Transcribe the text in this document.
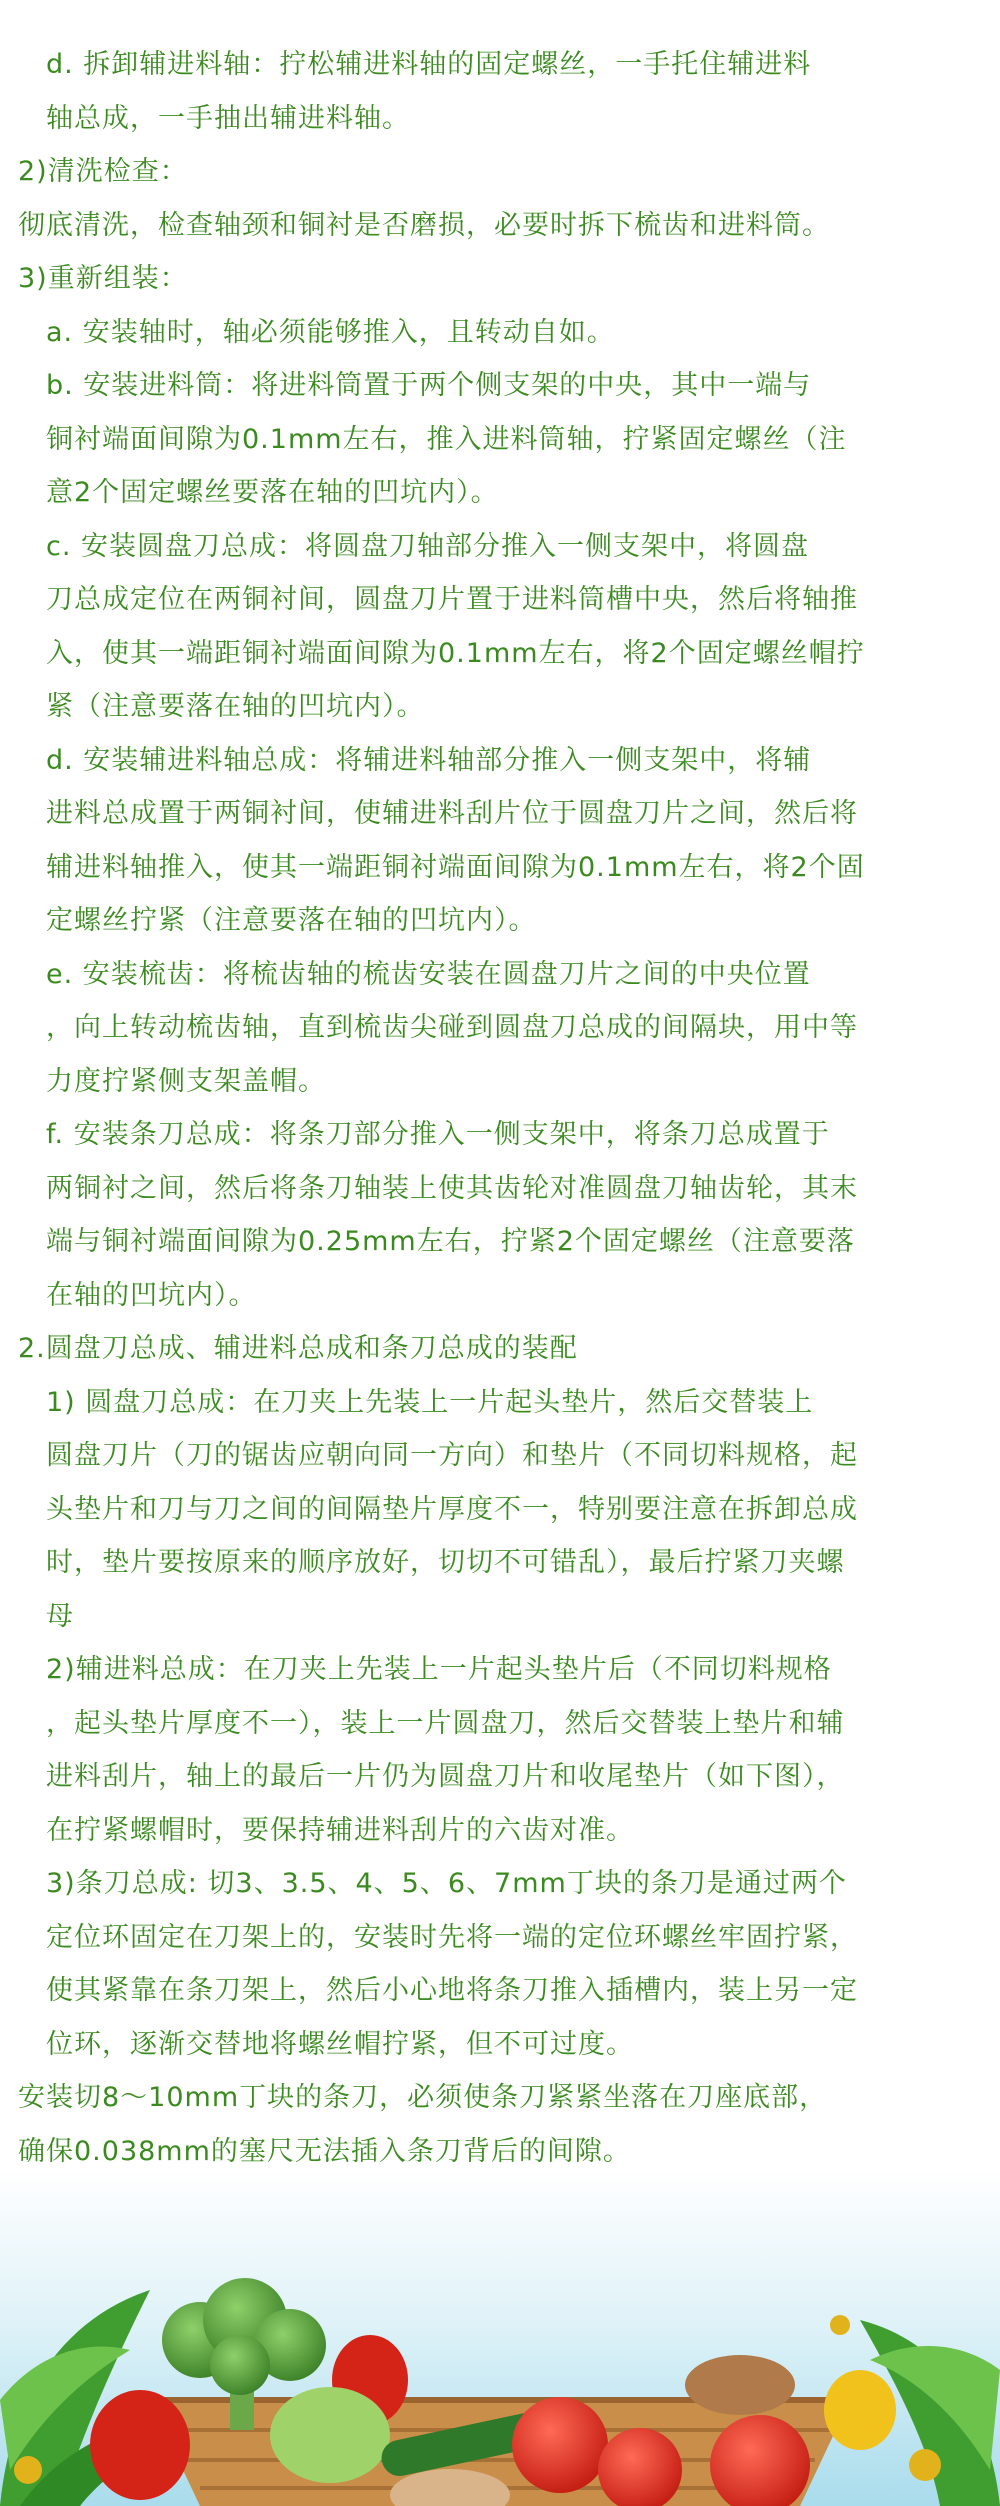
d. 拆卸辅进料轴：拧松辅进料轴的固定螺丝，一手托住辅进料
轴总成，一手抽出辅进料轴。

2)清洗检查：

彻底清洗，检查轴颈和铜衬是否磨损，必要时拆下梳齿和进料筒。

3)重新组装：

a. 安装轴时，轴必须能够推入，且转动自如。

b. 安装进料筒：将进料筒置于两个侧支架的中央，其中一端与
铜衬端面间隙为0.1mm左右，推入进料筒轴，拧紧固定螺丝（注
意2个固定螺丝要落在轴的凹坑内）。

c. 安装圆盘刀总成：将圆盘刀轴部分推入一侧支架中，将圆盘
刀总成定位在两铜衬间，圆盘刀片置于进料筒槽中央，然后将轴推
入，使其一端距铜衬端面间隙为0.1mm左右，将2个固定螺丝帽拧
紧（注意要落在轴的凹坑内）。

d. 安装辅进料轴总成：将辅进料轴部分推入一侧支架中，将辅
进料总成置于两铜衬间，使辅进料刮片位于圆盘刀片之间，然后将
辅进料轴推入，使其一端距铜衬端面间隙为0.1mm左右，将2个固
定螺丝拧紧（注意要落在轴的凹坑内）。

e. 安装梳齿：将梳齿轴的梳齿安装在圆盘刀片之间的中央位置
，向上转动梳齿轴，直到梳齿尖碰到圆盘刀总成的间隔块，用中等
力度拧紧侧支架盖帽。

f. 安装条刀总成：将条刀部分推入一侧支架中，将条刀总成置于
两铜衬之间，然后将条刀轴装上使其齿轮对准圆盘刀轴齿轮，其末
端与铜衬端面间隙为0.25mm左右，拧紧2个固定螺丝（注意要落
在轴的凹坑内）。

2.圆盘刀总成、辅进料总成和条刀总成的装配

1) 圆盘刀总成：在刀夹上先装上一片起头垫片，然后交替装上
圆盘刀片（刀的锯齿应朝向同一方向）和垫片（不同切料规格，起
头垫片和刀与刀之间的间隔垫片厚度不一，特别要注意在拆卸总成
时，垫片要按原来的顺序放好，切切不可错乱），最后拧紧刀夹螺
母

2)辅进料总成：在刀夹上先装上一片起头垫片后（不同切料规格
，起头垫片厚度不一），装上一片圆盘刀，然后交替装上垫片和辅
进料刮片，轴上的最后一片仍为圆盘刀片和收尾垫片（如下图），
在拧紧螺帽时，要保持辅进料刮片的六齿对准。

3)条刀总成: 切3、3.5、4、5、6、7mm丁块的条刀是通过两个
定位环固定在刀架上的，安装时先将一端的定位环螺丝牢固拧紧，
使其紧靠在条刀架上，然后小心地将条刀推入插槽内，装上另一定
位环，逐渐交替地将螺丝帽拧紧，但不可过度。

安装切8～10mm丁块的条刀，必须使条刀紧紧坐落在刀座底部，
确保0.038mm的塞尺无法插入条刀背后的间隙。
